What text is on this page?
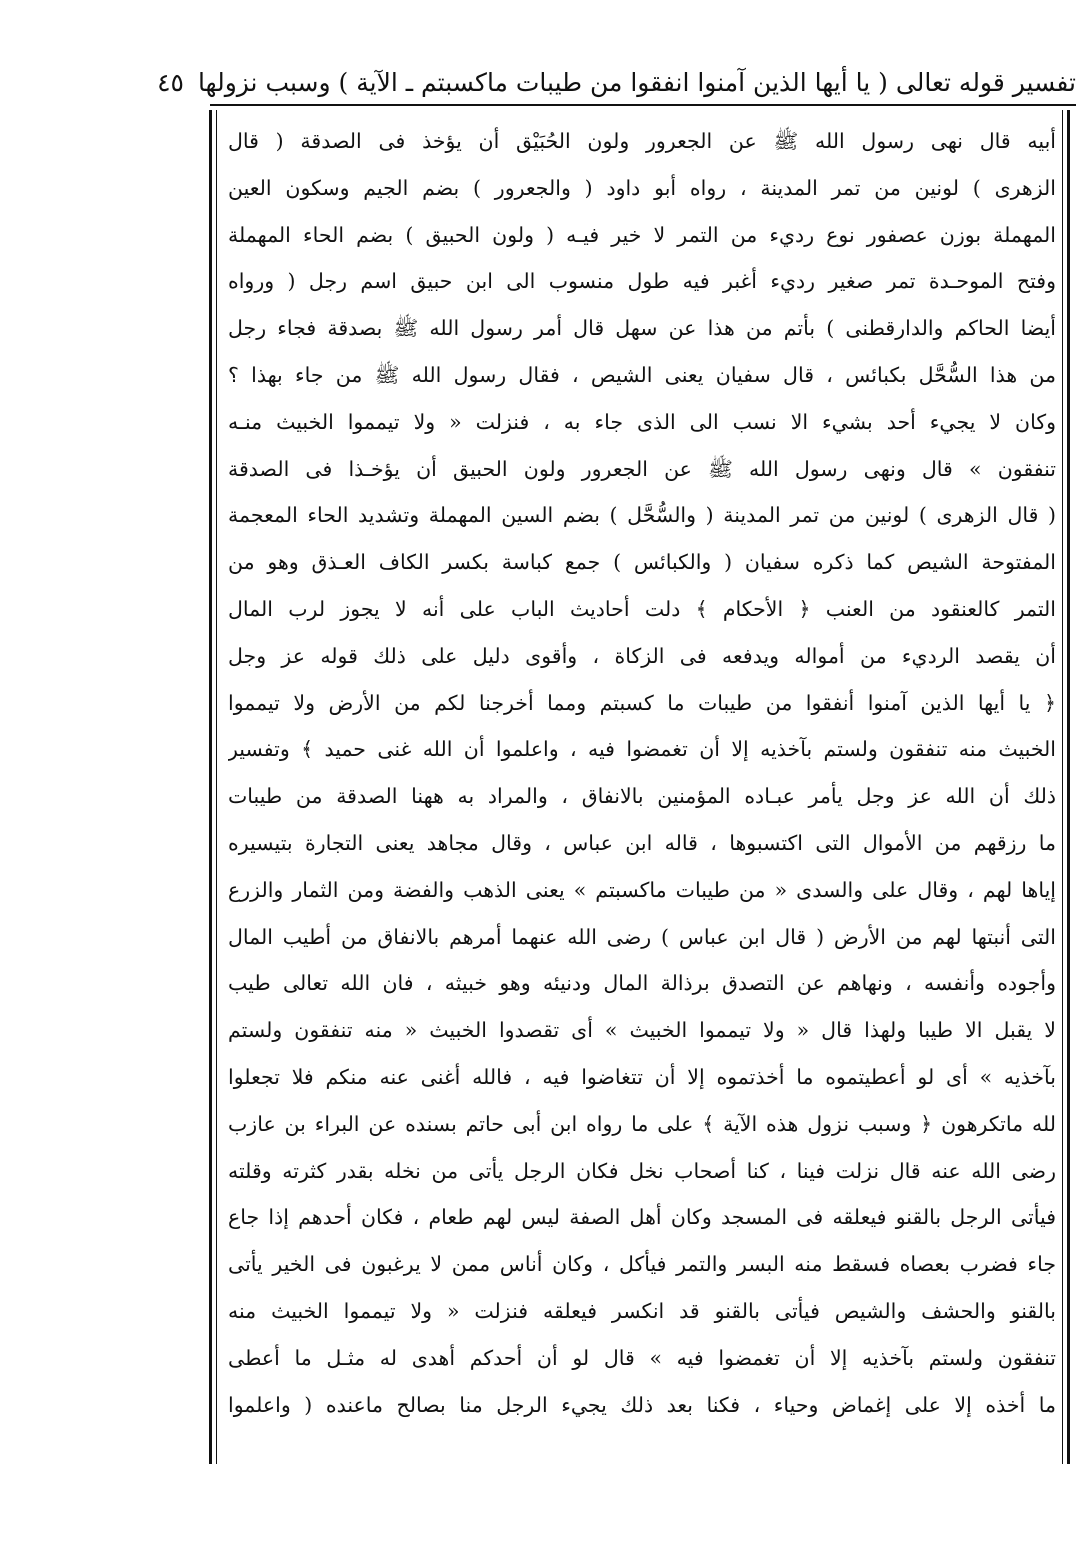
تفسير قوله تعالى ( يا أيها الذين آمنوا انفقوا من طيبات ماكسبتم ـ الآية ) وسبب نزولها
٤٥
أبيه قال نهى رسول الله ﷺ عن الجعرور ولون الحُبَيْق أن يؤخذ فى الصدقة ( قال
الزهرى ) لونين من تمر المدينة ، رواه أبو داود ( والجعرور ) بضم الجيم وسكون العين
المهملة بوزن عصفور نوع رديء من التمر لا خير فيـه ( ولون الحبيق ) بضم الحاء المهملة
وفتح الموحـدة تمر صغير رديء أغبر فيه طول منسوب الى ابن حبيق اسم رجل ( ورواه
أيضا الحاكم والدارقطنى ) بأتم من هذا عن سهل قال أمر رسول الله ﷺ بصدقة فجاء رجل
من هذا السُّحَّل بكبائس ، قال سفيان يعنى الشيص ، فقال رسول الله ﷺ من جاء بهذا ؟
وكان لا يجيء أحد بشيء الا نسب الى الذى جاء به ، فنزلت « ولا تيمموا الخبيث منـه
تنفقون » قال ونهى رسول الله ﷺ عن الجعرور ولون الحبيق أن يؤخـذا فى الصدقة
( قال الزهرى ) لونين من تمر المدينة ( والسُّحَّل ) بضم السين المهملة وتشديد الحاء المعجمة
المفتوحة الشيص كما ذكره سفيان ( والكبائس ) جمع كباسة بكسر الكاف العـذق وهو من
التمر كالعنقود من العنب ﴿ الأحكام ﴾ دلت أحاديث الباب على أنه لا يجوز لرب المال
أن يقصد الرديء من أمواله ويدفعه فى الزكاة ، وأقوى دليل على ذلك قوله عز وجل
﴿ يا أيها الذين آمنوا أنفقوا من طيبات ما كسبتم ومما أخرجنا لكم من الأرض ولا تيمموا
الخبيث منه تنفقون ولستم بآخذيه إلا أن تغمضوا فيه ، واعلموا أن الله غنى حميد ﴾ وتفسير
ذلك أن الله عز وجل يأمر عبـاده المؤمنين بالانفاق ، والمراد به ههنا الصدقة من طيبات
ما رزقهم من الأموال التى اكتسبوها ، قاله ابن عباس ، وقال مجاهد يعنى التجارة بتيسيره
إياها لهم ، وقال على والسدى « من طيبات ماكسبتم » يعنى الذهب والفضة ومن الثمار والزرع
التى أنبتها لهم من الأرض ( قال ابن عباس ) رضى الله عنهما أمرهم بالانفاق من أطيب المال
وأجوده وأنفسه ، ونهاهم عن التصدق برذالة المال ودنيئه وهو خبيثه ، فان الله تعالى طيب
لا يقبل الا طيبا ولهذا قال « ولا تيمموا الخبيث » أى تقصدوا الخبيث « منه تنفقون ولستم
بآخذيه » أى لو أعطيتموه ما أخذتموه إلا أن تتغاضوا فيه ، فالله أغنى عنه منكم فلا تجعلوا
لله ماتكرهون ﴿ وسبب نزول هذه الآية ﴾ على ما رواه ابن أبى حاتم بسنده عن البراء بن عازب
رضى الله عنه قال نزلت فينا ، كنا أصحاب نخل فكان الرجل يأتى من نخله بقدر كثرته وقلته
فيأتى الرجل بالقنو فيعلقه فى المسجد وكان أهل الصفة ليس لهم طعام ، فكان أحدهم إذا جاع
جاء فضرب بعصاه فسقط منه البسر والتمر فيأكل ، وكان أناس ممن لا يرغبون فى الخير يأتى
بالقنو والحشف والشيص فيأتى بالقنو قد انكسر فيعلقه فنزلت « ولا تيمموا الخبيث منه
تنفقون ولستم بآخذيه إلا أن تغمضوا فيه » قال لو أن أحدكم أهدى له مثـل ما أعطى
ما أخذه إلا على إغماض وحياء ، فكنا بعد ذلك يجيء الرجل منا بصالح ماعنده ( واعلموا
